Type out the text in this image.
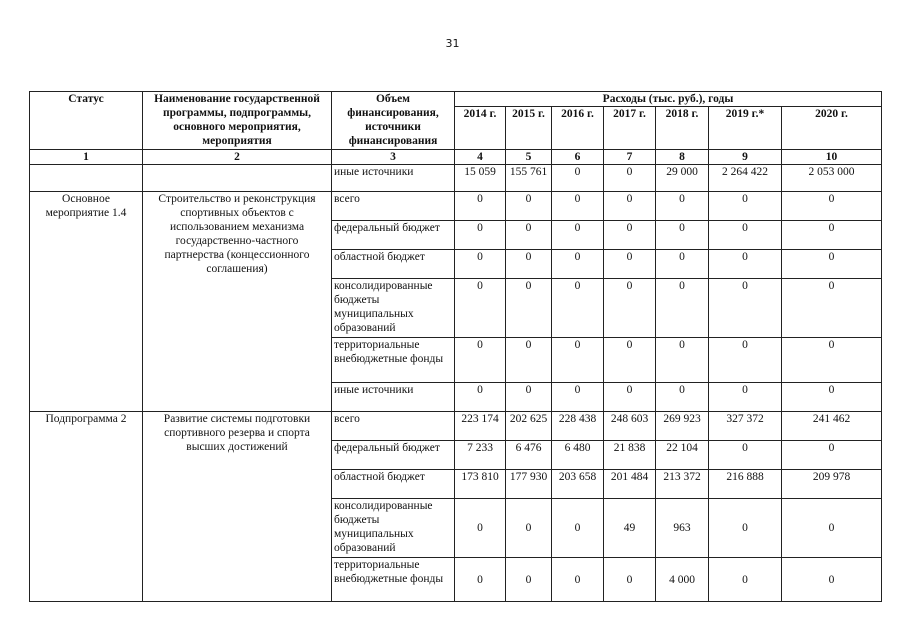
31
Статус	Наименование государственной программы, подпрограммы, основного мероприятия, мероприятия	Объем финансирования, источники финансирования	Расходы (тыс. руб.), годы						
			2014 г.	2015 г.	2016 г.	2017 г.	2018 г.	2019 г.*	2020 г.
1	2	3	4	5	6	7	8	9	10
		иные источники	15 059	155 761	0	0	29 000	2 264 422	2 053 000
Основное мероприятие 1.4	Строительство и реконструкция спортивных объектов с использованием механизма государственно-частного партнерства (концессионного соглашения)	всего	0	0	0	0	0	0	0
		федеральный бюджет	0	0	0	0	0	0	0
		областной бюджет	0	0	0	0	0	0	0
		консолидированные бюджеты муниципальных образований	0	0	0	0	0	0	0
		территориальные внебюджетные фонды	0	0	0	0	0	0	0
		иные источники	0	0	0	0	0	0	0
Подпрограмма 2	Развитие системы подготовки спортивного резерва и спорта высших достижений	всего	223 174	202 625	228 438	248 603	269 923	327 372	241 462
		федеральный бюджет	7 233	6 476	6 480	21 838	22 104	0	0
		областной бюджет	173 810	177 930	203 658	201 484	213 372	216 888	209 978
		консолидированные бюджеты муниципальных образований	0	0	0	49	963	0	0
		территориальные внебюджетные фонды	0	0	0	0	4 000	0	0
